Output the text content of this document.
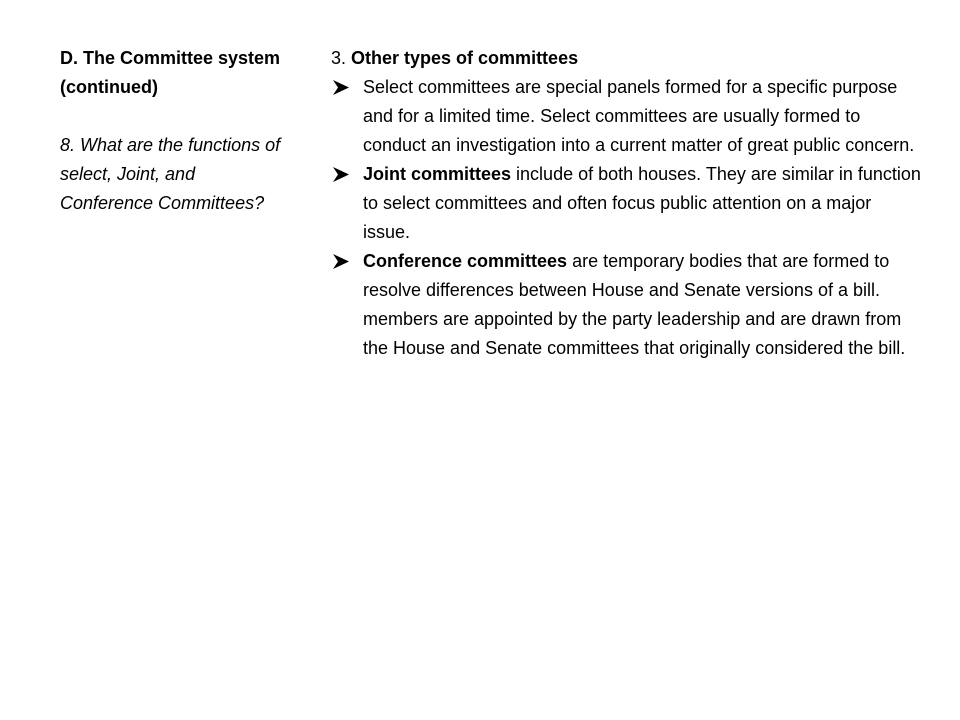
D. The Committee system (continued)

8. What are the functions of select, Joint, and Conference Committees?

3. Other types of committees

Select committees are special panels formed for a specific purpose and for a limited time. Select committees are usually formed to conduct an investigation into a current matter of great public concern.
Joint committees include of both houses. They are similar in function to select committees and often focus public attention on a major issue.
Conference committees are temporary bodies that are formed to resolve differences between House and Senate versions of a bill. members are appointed by the party leadership and are drawn from the House and Senate committees that originally considered the bill.
